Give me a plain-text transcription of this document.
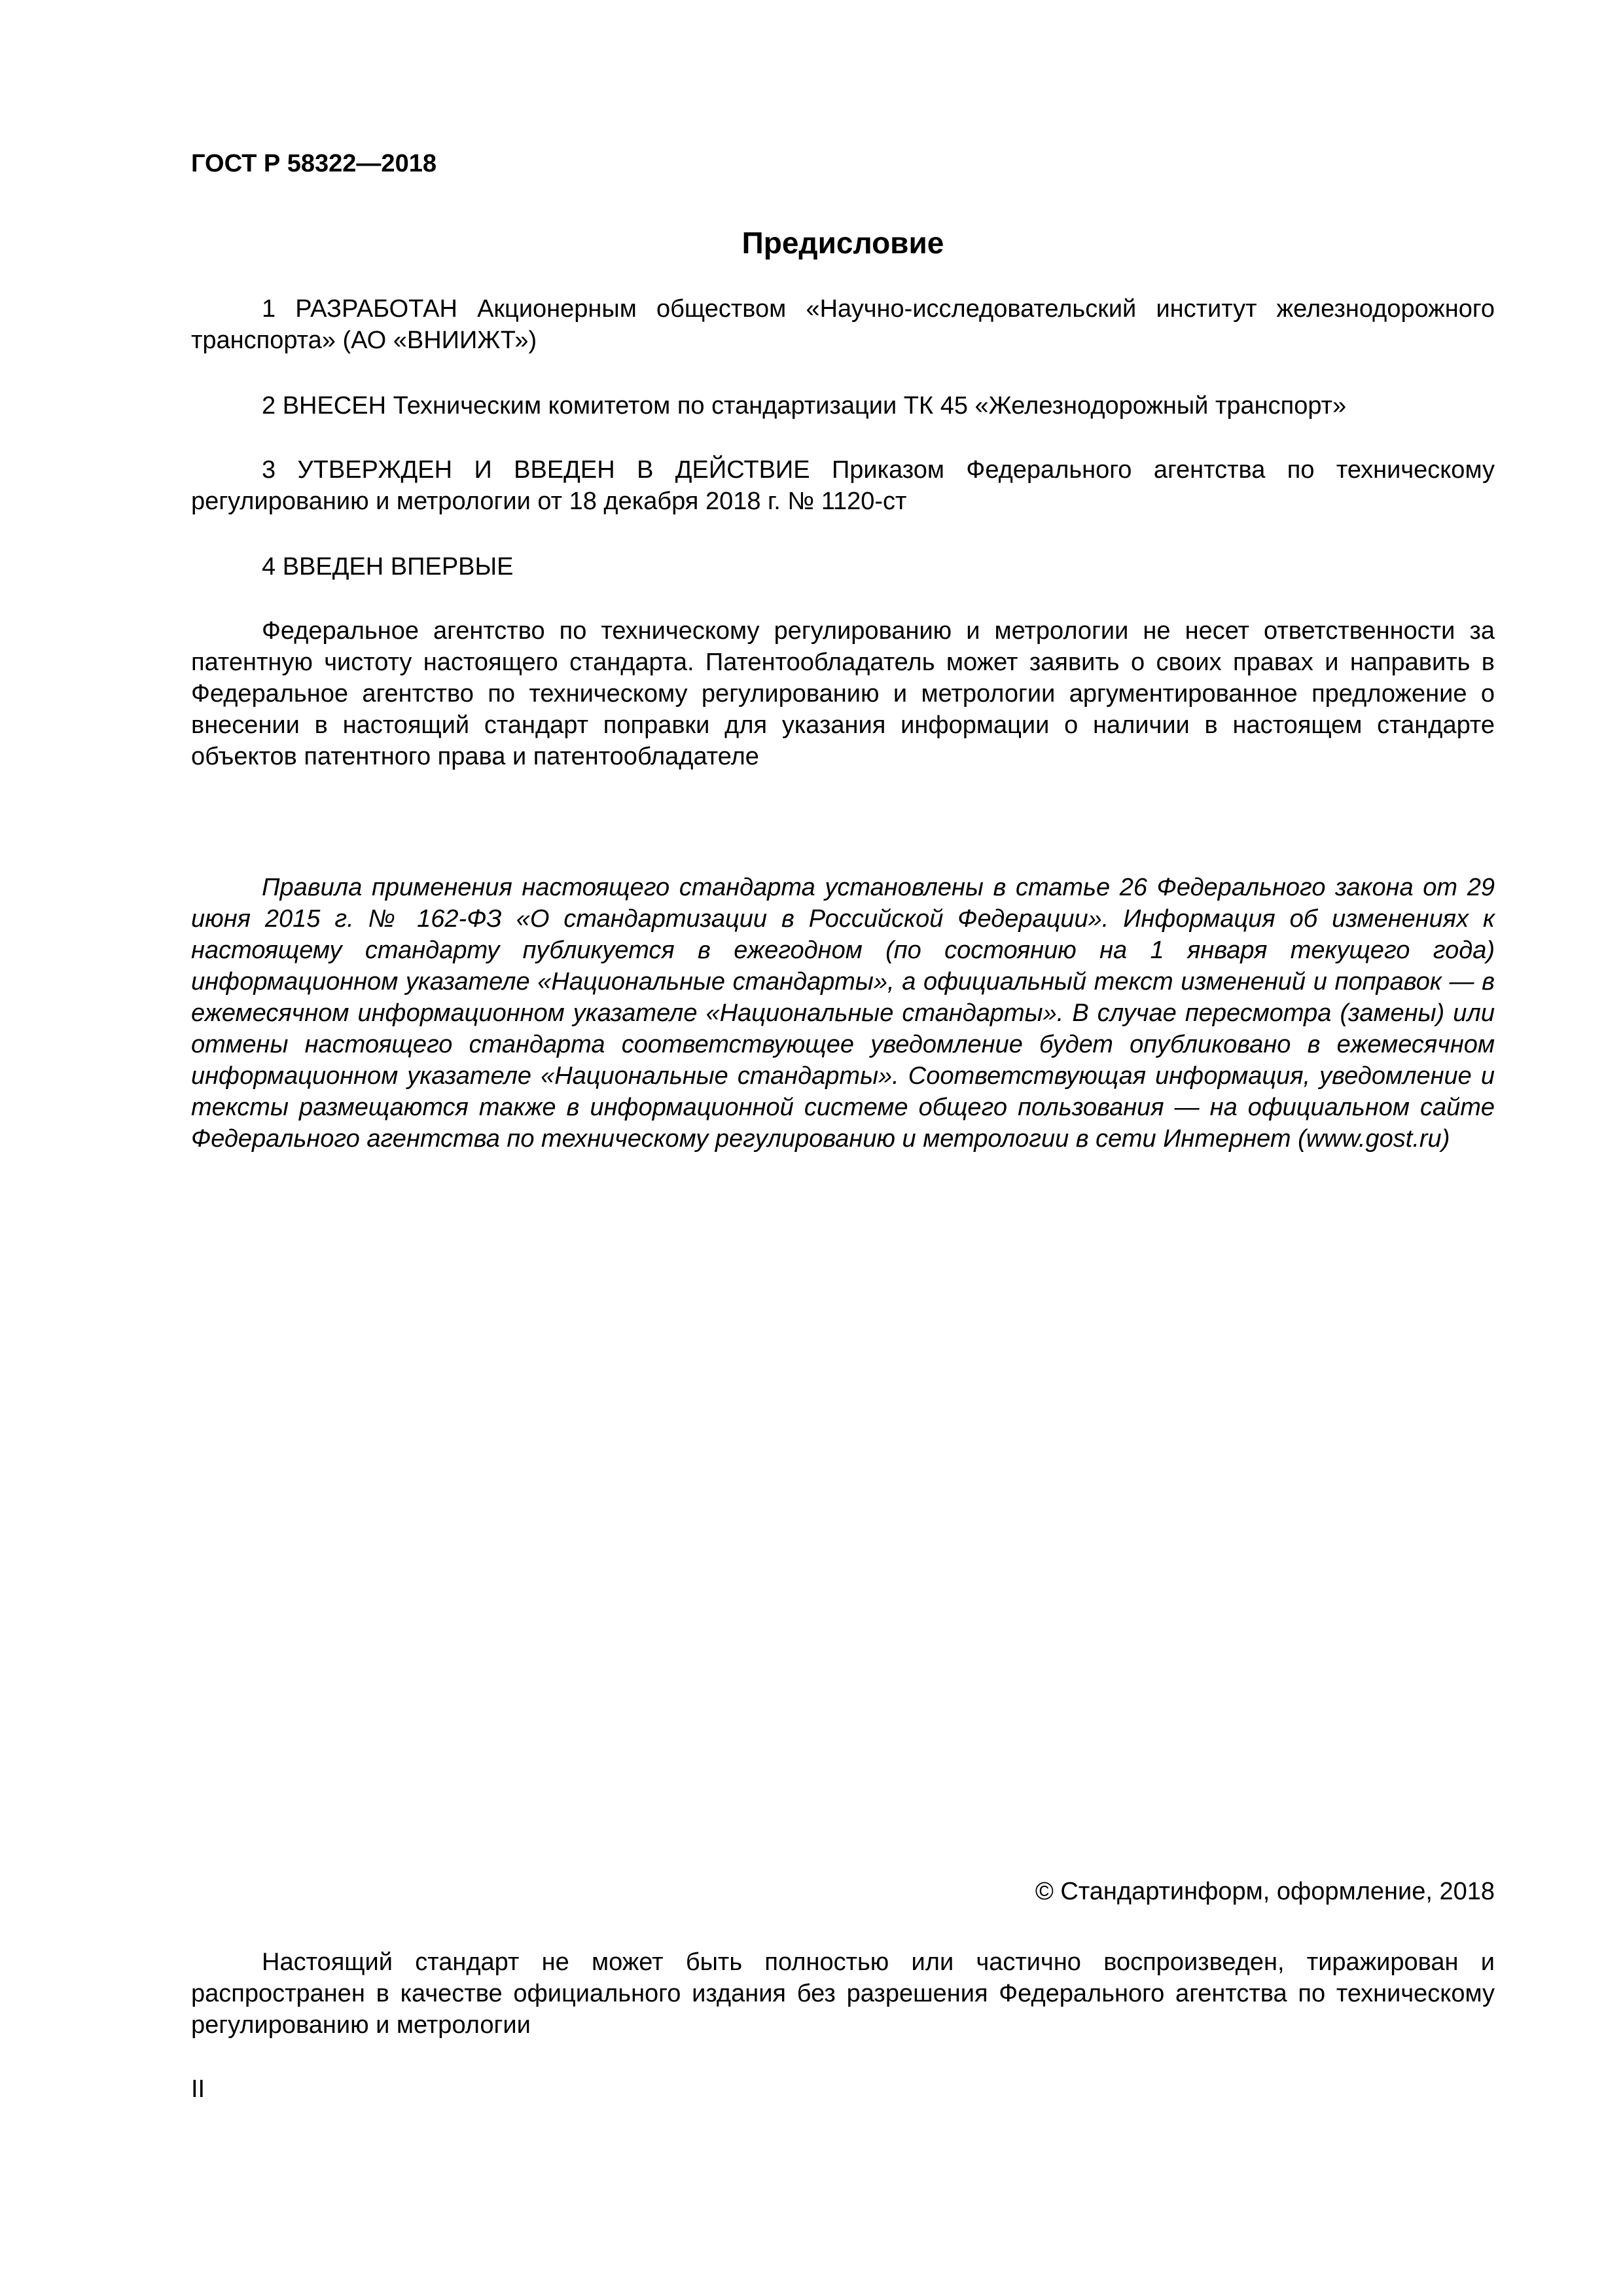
ГОСТ Р 58322—2018

Предисловие

1 РАЗРАБОТАН Акционерным обществом «Научно-исследовательский институт железнодорожного транспорта» (АО «ВНИИЖТ»)

2 ВНЕСЕН Техническим комитетом по стандартизации ТК 45 «Железнодорожный транспорт»

3 УТВЕРЖДЕН И ВВЕДЕН В ДЕЙСТВИЕ Приказом Федерального агентства по техническому регулированию и метрологии от 18 декабря 2018 г. № 1120-ст

4 ВВЕДЕН ВПЕРВЫЕ

Федеральное агентство по техническому регулированию и метрологии не несет ответственности за патентную чистоту настоящего стандарта. Патентообладатель может заявить о своих правах и направить в Федеральное агентство по техническому регулированию и метрологии аргументированное предложение о внесении в настоящий стандарт поправки для указания информации о наличии в настоящем стандарте объектов патентного права и патентообладателе

Правила применения настоящего стандарта установлены в статье 26 Федерального закона от 29 июня 2015 г. № 162-ФЗ «О стандартизации в Российской Федерации». Информация об изменениях к настоящему стандарту публикуется в ежегодном (по состоянию на 1 января текущего года) информационном указателе «Национальные стандарты», а официальный текст изменений и поправок — в ежемесячном информационном указателе «Национальные стандарты». В случае пересмотра (замены) или отмены настоящего стандарта соответствующее уведомление будет опубликовано в ежемесячном информационном указателе «Национальные стандарты». Соответствующая информация, уведомление и тексты размещаются также в информационной системе общего пользования — на официальном сайте Федерального агентства по техническому регулированию и метрологии в сети Интернет (www.gost.ru)

© Стандартинформ, оформление, 2018

Настоящий стандарт не может быть полностью или частично воспроизведен, тиражирован и распространен в качестве официального издания без разрешения Федерального агентства по техническому регулированию и метрологии

II
